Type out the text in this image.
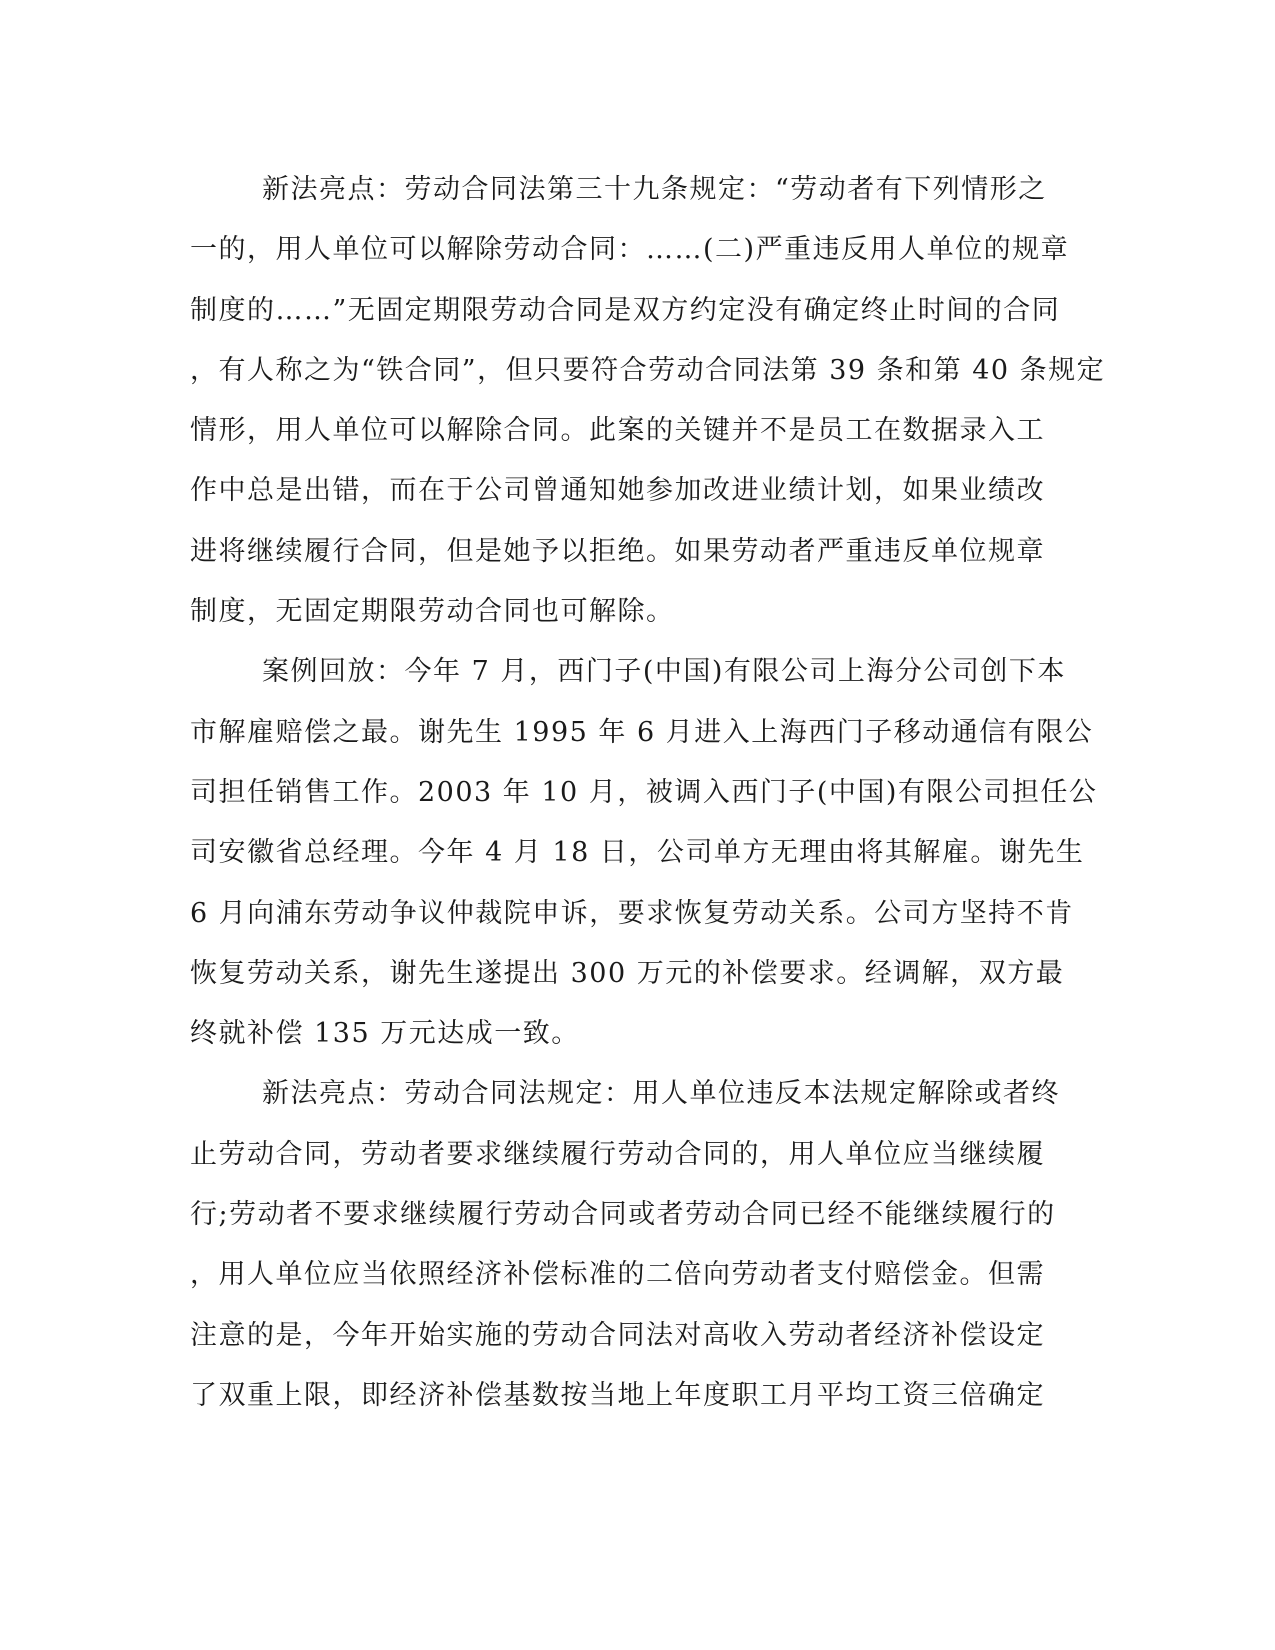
新法亮点：劳动合同法第三十九条规定：“劳动者有下列情形之
一的，用人单位可以解除劳动合同：……(二)严重违反用人单位的规章
制度的……”无固定期限劳动合同是双方约定没有确定终止时间的合同
，有人称之为“铁合同”，但只要符合劳动合同法第 39 条和第 40 条规定
情形，用人单位可以解除合同。此案的关键并不是员工在数据录入工
作中总是出错，而在于公司曾通知她参加改进业绩计划，如果业绩改
进将继续履行合同，但是她予以拒绝。如果劳动者严重违反单位规章
制度，无固定期限劳动合同也可解除。
案例回放：今年 7 月，西门子(中国)有限公司上海分公司创下本
市解雇赔偿之最。谢先生 1995 年 6 月进入上海西门子移动通信有限公
司担任销售工作。2003 年 10 月，被调入西门子(中国)有限公司担任公
司安徽省总经理。今年 4 月 18 日，公司单方无理由将其解雇。谢先生
6 月向浦东劳动争议仲裁院申诉，要求恢复劳动关系。公司方坚持不肯
恢复劳动关系，谢先生遂提出 300 万元的补偿要求。经调解，双方最
终就补偿 135 万元达成一致。
新法亮点：劳动合同法规定：用人单位违反本法规定解除或者终
止劳动合同，劳动者要求继续履行劳动合同的，用人单位应当继续履
行;劳动者不要求继续履行劳动合同或者劳动合同已经不能继续履行的
，用人单位应当依照经济补偿标准的二倍向劳动者支付赔偿金。但需
注意的是，今年开始实施的劳动合同法对高收入劳动者经济补偿设定
了双重上限，即经济补偿基数按当地上年度职工月平均工资三倍确定
